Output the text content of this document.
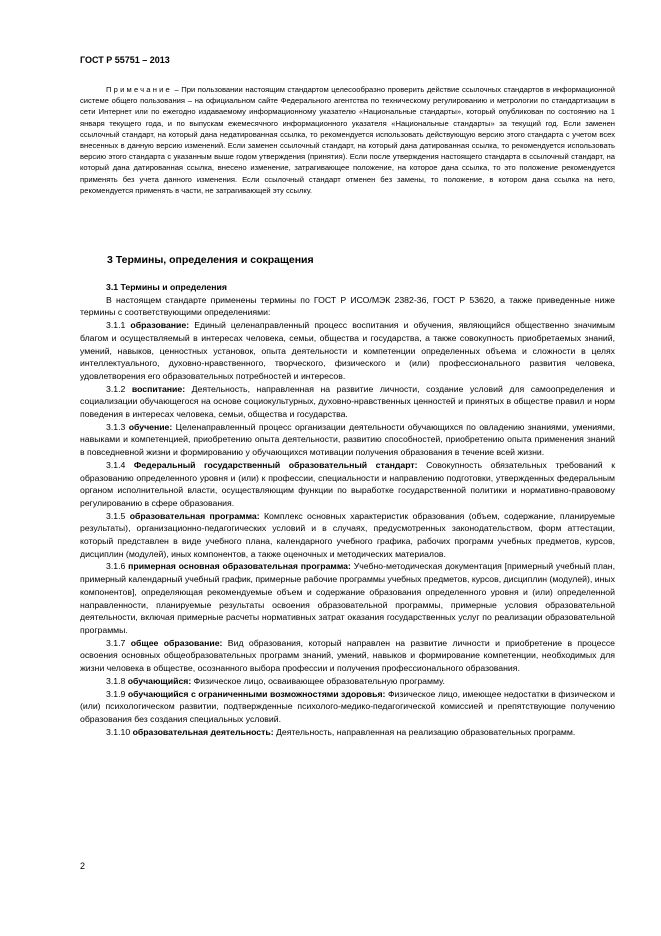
ГОСТ Р 55751 – 2013

Примечание – При пользовании настоящим стандартом целесообразно проверить действие ссылочных стандартов в информационной системе общего пользования – на официальном сайте Федерального агентства по техническому регулированию и метрологии по стандартизации в сети Интернет или по ежегодно издаваемому информационному указателю «Национальные стандарты», который опубликован по состоянию на 1 января текущего года, и по выпускам ежемесячного информационного указателя «Национальные стандарты» за текущий год. Если заменен ссылочный стандарт, на который дана недатированная ссылка, то рекомендуется использовать действующую версию этого стандарта с учетом всех внесенных в данную версию изменений. Если заменен ссылочный стандарт, на который дана датированная ссылка, то рекомендуется использовать версию этого стандарта с указанным выше годом утверждения (принятия). Если после утверждения настоящего стандарта в ссылочный стандарт, на который дана датированная ссылка, внесено изменение, затрагивающее положение, на которое дана ссылка, то это положение рекомендуется применять без учета данного изменения. Если ссылочный стандарт отменен без замены, то положение, в котором дана ссылка на него, рекомендуется применять в части, не затрагивающей эту ссылку.

3 Термины, определения и сокращения

3.1 Термины и определения

В настоящем стандарте применены термины по ГОСТ Р ИСО/МЭК 2382-36, ГОСТ Р 53620, а также приведенные ниже термины с соответствующими определениями:

3.1.1 образование: Единый целенаправленный процесс воспитания и обучения, являющийся общественно значимым благом и осуществляемый в интересах человека, семьи, общества и государства, а также совокупность приобретаемых знаний, умений, навыков, ценностных установок, опыта деятельности и компетенции определенных объема и сложности в целях интеллектуального, духовно-нравственного, творческого, физического и (или) профессионального развития человека, удовлетворения его образовательных потребностей и интересов.

3.1.2 воспитание: Деятельность, направленная на развитие личности, создание условий для самоопределения и социализации обучающегося на основе социокультурных, духовно-нравственных ценностей и принятых в обществе правил и норм поведения в интересах человека, семьи, общества и государства.

3.1.3 обучение: Целенаправленный процесс организации деятельности обучающихся по овладению знаниями, умениями, навыками и компетенцией, приобретению опыта деятельности, развитию способностей, приобретению опыта применения знаний в повседневной жизни и формированию у обучающихся мотивации получения образования в течение всей жизни.

3.1.4 Федеральный государственный образовательный стандарт: Совокупность обязательных требований к образованию определенного уровня и (или) к профессии, специальности и направлению подготовки, утвержденных федеральным органом исполнительной власти, осуществляющим функции по выработке государственной политики и нормативно-правовому регулированию в сфере образования.

3.1.5 образовательная программа: Комплекс основных характеристик образования (объем, содержание, планируемые результаты), организационно-педагогических условий и в случаях, предусмотренных законодательством, форм аттестации, который представлен в виде учебного плана, календарного учебного графика, рабочих программ учебных предметов, курсов, дисциплин (модулей), иных компонентов, а также оценочных и методических материалов.

3.1.6 примерная основная образовательная программа: Учебно-методическая документация [примерный учебный план, примерный календарный учебный график, примерные рабочие программы учебных предметов, курсов, дисциплин (модулей), иных компонентов], определяющая рекомендуемые объем и содержание образования определенного уровня и (или) определенной направленности, планируемые результаты освоения образовательной программы, примерные условия образовательной деятельности, включая примерные расчеты нормативных затрат оказания государственных услуг по реализации образовательной программы.

3.1.7 общее образование: Вид образования, который направлен на развитие личности и приобретение в процессе освоения основных общеобразовательных программ знаний, умений, навыков и формирование компетенции, необходимых для жизни человека в обществе, осознанного выбора профессии и получения профессионального образования.

3.1.8 обучающийся: Физическое лицо, осваивающее образовательную программу.

3.1.9 обучающийся с ограниченными возможностями здоровья: Физическое лицо, имеющее недостатки в физическом и (или) психологическом развитии, подтвержденные психолого-медико-педагогической комиссией и препятствующие получению образования без создания специальных условий.

3.1.10 образовательная деятельность: Деятельность, направленная на реализацию образовательных программ.

2
